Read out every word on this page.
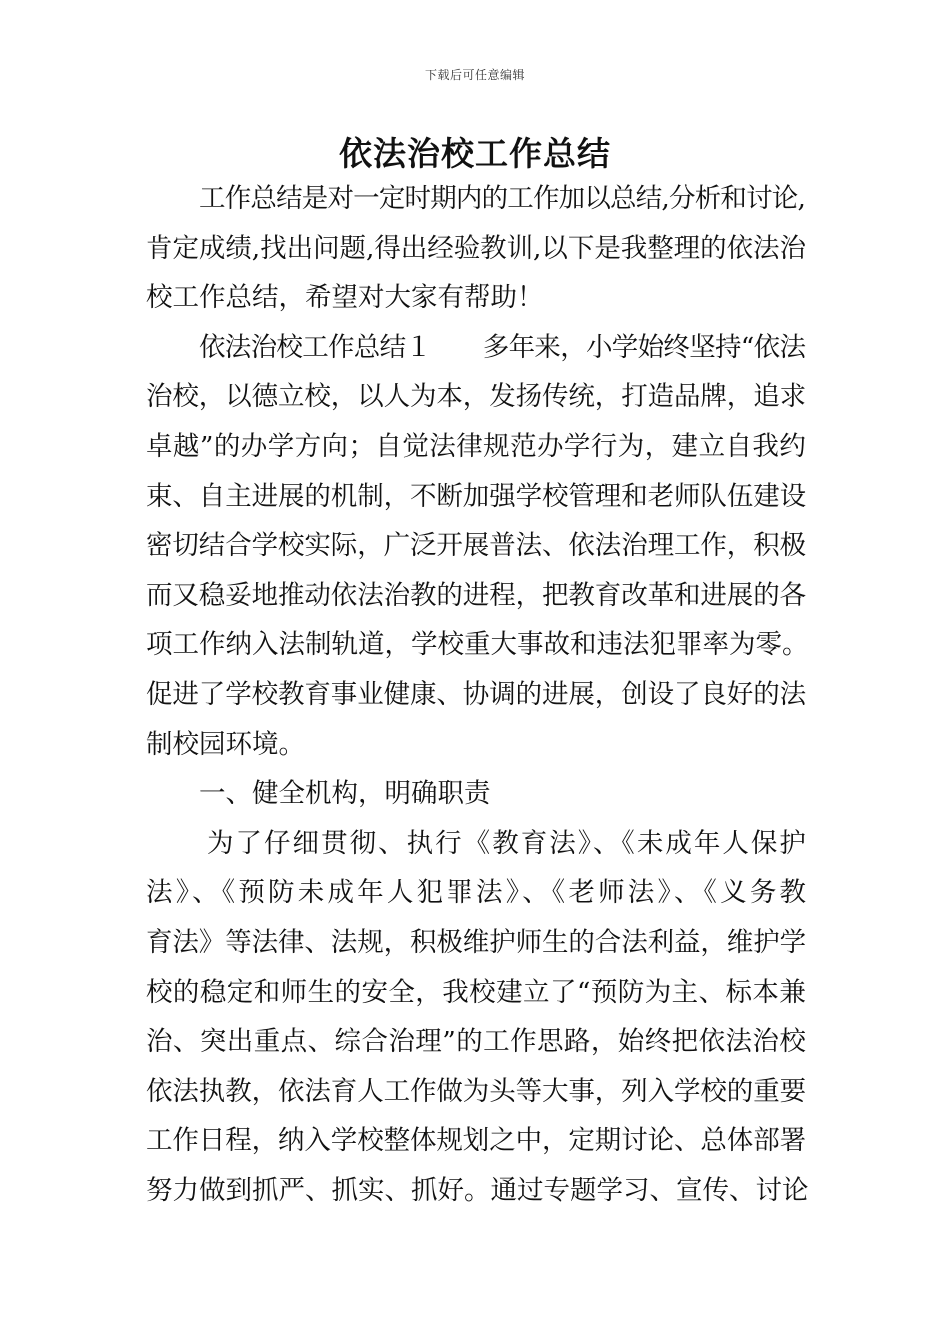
下载后可任意编辑
依法治校工作总结
工作总结是对一定时期内的工作加以总结,分析和讨论,
肯定成绩,找出问题,得出经验教训,以下是我整理的依法治
校工作总结，希望对大家有帮助！
依法治校工作总结１　　多年来，小学始终坚持“依法
治校，以德立校，以人为本，发扬传统，打造品牌，追求
卓越”的办学方向；自觉法律规范办学行为，建立自我约
束、自主进展的机制，不断加强学校管理和老师队伍建设
密切结合学校实际，广泛开展普法、依法治理工作，积极
而又稳妥地推动依法治教的进程，把教育改革和进展的各
项工作纳入法制轨道，学校重大事故和违法犯罪率为零。
促进了学校教育事业健康、协调的进展，创设了良好的法
制校园环境。
一、健全机构，明确职责
为了仔细贯彻、执行《教育法》、《未成年人保护
法》、《预防未成年人犯罪法》、《老师法》、《义务教
育法》等法律、法规，积极维护师生的合法利益，维护学
校的稳定和师生的安全，我校建立了“预防为主、标本兼
治、突出重点、综合治理”的工作思路，始终把依法治校
依法执教，依法育人工作做为头等大事，列入学校的重要
工作日程，纳入学校整体规划之中，定期讨论、总体部署
努力做到抓严、抓实、抓好。通过专题学习、宣传、讨论
